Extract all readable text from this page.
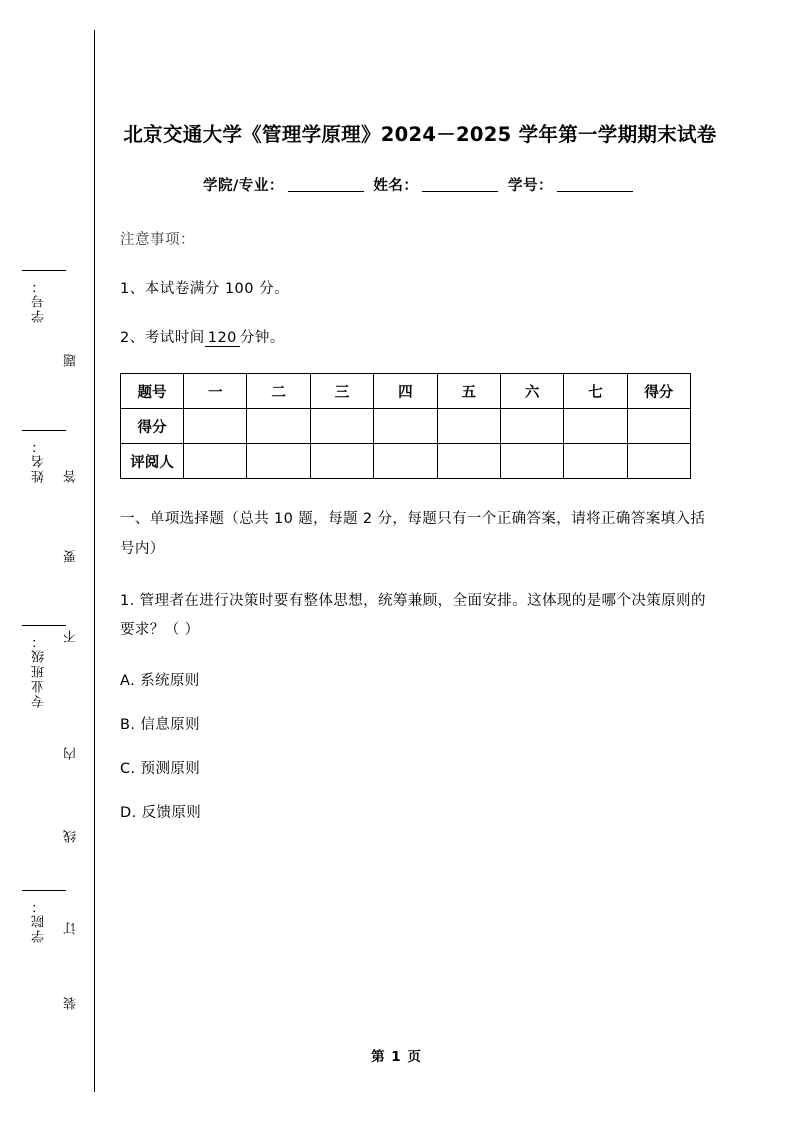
学号：
姓名：
专业班级：
学院：
题
答
要
不
内
线
订
装
北京交通大学《管理学原理》2024－2025 学年第一学期期末试卷
学院/专业：	姓名：	学号：
注意事项：
1、本试卷满分 100 分。
2、考试时间 120 分钟。
题号	一	二	三	四	五	六	七	得分
得分								
评阅人								
一、单项选择题（总共 10 题，每题 2 分，每题只有一个正确答案，请将正确答案填入括号内）
1. 管理者在进行决策时要有整体思想，统筹兼顾，全面安排。这体现的是哪个决策原则的要求？（ ）
A. 系统原则
B. 信息原则
C. 预测原则
D. 反馈原则
第 1 页
